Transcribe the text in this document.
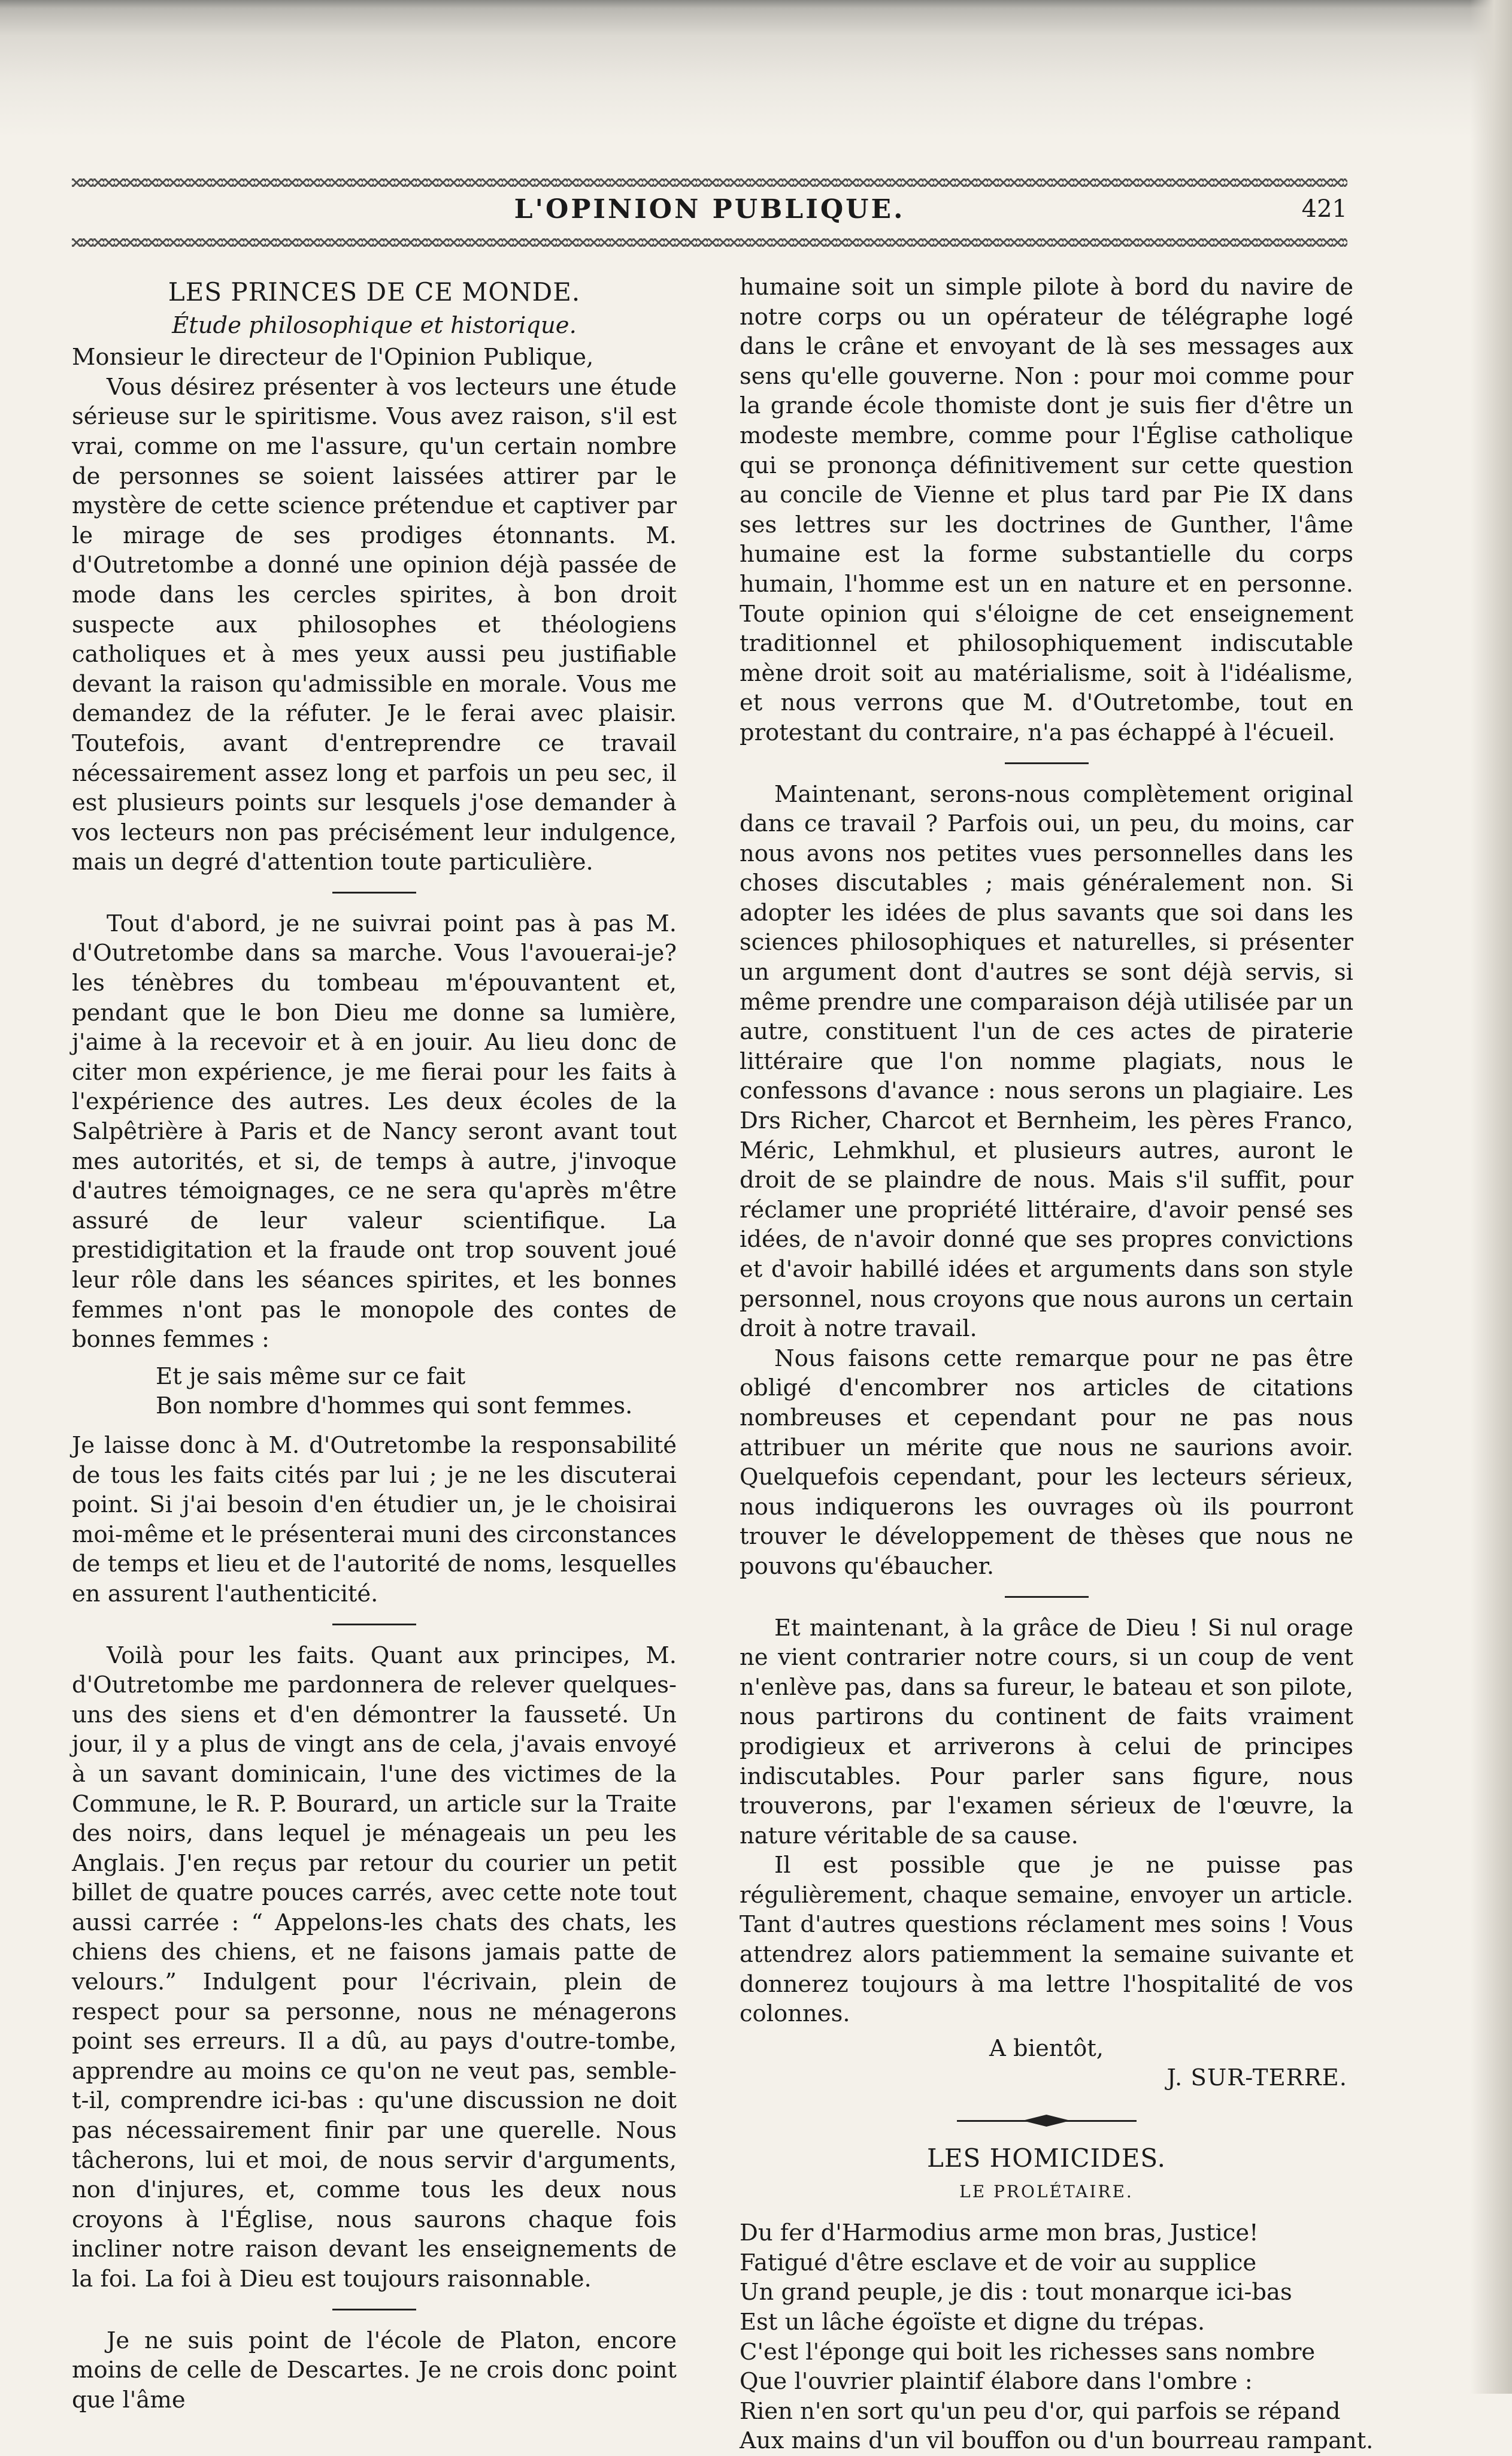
L'OPINION PUBLIQUE.	421
LES PRINCES DE CE MONDE.
Étude philosophique et historique.

Monsieur le directeur de l'Opinion Publique,

Vous désirez présenter à vos lecteurs une étude sérieuse sur le spiritisme. Vous avez raison, s'il est vrai, comme on me l'assure, qu'un certain nombre de personnes se soient laissées attirer par le mystère de cette science prétendue et captiver par le mirage de ses prodiges étonnants. M. d'Outretombe a donné une opinion déjà passée de mode dans les cercles spirites, à bon droit suspecte aux philosophes et théologiens catholiques et à mes yeux aussi peu justifiable devant la raison qu'admissible en morale. Vous me demandez de la réfuter. Je le ferai avec plaisir. Toutefois, avant d'entreprendre ce travail nécessairement assez long et parfois un peu sec, il est plusieurs points sur lesquels j'ose demander à vos lecteurs non pas précisément leur indulgence, mais un degré d'attention toute particulière.

Tout d'abord, je ne suivrai point pas à pas M. d'Outretombe dans sa marche. Vous l'avouerai-je? les ténèbres du tombeau m'épouvantent et, pendant que le bon Dieu me donne sa lumière, j'aime à la recevoir et à en jouir. Au lieu donc de citer mon expérience, je me fierai pour les faits à l'expérience des autres. Les deux écoles de la Salpêtrière à Paris et de Nancy seront avant tout mes autorités, et si, de temps à autre, j'invoque d'autres témoignages, ce ne sera qu'après m'être assuré de leur valeur scientifique. La prestidigitation et la fraude ont trop souvent joué leur rôle dans les séances spirites, et les bonnes femmes n'ont pas le monopole des contes de bonnes femmes :

Et je sais même sur ce fait
Bon nombre d'hommes qui sont femmes.

Je laisse donc à M. d'Outretombe la responsabilité de tous les faits cités par lui ; je ne les discuterai point. Si j'ai besoin d'en étudier un, je le choisirai moi-même et le présenterai muni des circonstances de temps et lieu et de l'autorité de noms, lesquelles en assurent l'authenticité.

Voilà pour les faits. Quant aux principes, M. d'Outretombe me pardonnera de relever quelques-uns des siens et d'en démontrer la fausseté. Un jour, il y a plus de vingt ans de cela, j'avais envoyé à un savant dominicain, l'une des victimes de la Commune, le R. P. Bourard, un article sur la Traite des noirs, dans lequel je ménageais un peu les Anglais. J'en reçus par retour du courier un petit billet de quatre pouces carrés, avec cette note tout aussi carrée : “ Appelons-les chats des chats, les chiens des chiens, et ne faisons jamais patte de velours.” Indulgent pour l'écrivain, plein de respect pour sa personne, nous ne ménagerons point ses erreurs. Il a dû, au pays d'outre-tombe, apprendre au moins ce qu'on ne veut pas, semble-t-il, comprendre ici-bas : qu'une discussion ne doit pas nécessairement finir par une querelle. Nous tâcherons, lui et moi, de nous servir d'arguments, non d'injures, et, comme tous les deux nous croyons à l'Église, nous saurons chaque fois incliner notre raison devant les enseignements de la foi. La foi à Dieu est toujours raisonnable.

Je ne suis point de l'école de Platon, encore moins de celle de Descartes. Je ne crois donc point que l'âme

humaine soit un simple pilote à bord du navire de notre corps ou un opérateur de télégraphe logé dans le crâne et envoyant de là ses messages aux sens qu'elle gouverne. Non : pour moi comme pour la grande école thomiste dont je suis fier d'être un modeste membre, comme pour l'Église catholique qui se prononça définitivement sur cette question au concile de Vienne et plus tard par Pie IX dans ses lettres sur les doctrines de Gunther, l'âme humaine est la forme substantielle du corps humain, l'homme est un en nature et en personne. Toute opinion qui s'éloigne de cet enseignement traditionnel et philosophiquement indiscutable mène droit soit au matérialisme, soit à l'idéalisme, et nous verrons que M. d'Outretombe, tout en protestant du contraire, n'a pas échappé à l'écueil.

Maintenant, serons-nous complètement original dans ce travail ? Parfois oui, un peu, du moins, car nous avons nos petites vues personnelles dans les choses discutables ; mais généralement non. Si adopter les idées de plus savants que soi dans les sciences philosophiques et naturelles, si présenter un argument dont d'autres se sont déjà servis, si même prendre une comparaison déjà utilisée par un autre, constituent l'un de ces actes de piraterie littéraire que l'on nomme plagiats, nous le confessons d'avance : nous serons un plagiaire. Les Drs Richer, Charcot et Bernheim, les pères Franco, Méric, Lehmkhul, et plusieurs autres, auront le droit de se plaindre de nous. Mais s'il suffit, pour réclamer une propriété littéraire, d'avoir pensé ses idées, de n'avoir donné que ses propres convictions et d'avoir habillé idées et arguments dans son style personnel, nous croyons que nous aurons un certain droit à notre travail.

Nous faisons cette remarque pour ne pas être obligé d'encombrer nos articles de citations nombreuses et cependant pour ne pas nous attribuer un mérite que nous ne saurions avoir. Quelquefois cependant, pour les lecteurs sérieux, nous indiquerons les ouvrages où ils pourront trouver le développement de thèses que nous ne pouvons qu'ébaucher.

Et maintenant, à la grâce de Dieu ! Si nul orage ne vient contrarier notre cours, si un coup de vent n'enlève pas, dans sa fureur, le bateau et son pilote, nous partirons du continent de faits vraiment prodigieux et arriverons à celui de principes indiscutables. Pour parler sans figure, nous trouverons, par l'examen sérieux de l'œuvre, la nature véritable de sa cause.

Il est possible que je ne puisse pas régulièrement, chaque semaine, envoyer un article. Tant d'autres questions réclament mes soins ! Vous attendrez alors patiemment la semaine suivante et donnerez toujours à ma lettre l'hospitalité de vos colonnes.

A bientôt,
J. SUR-TERRE.
LES HOMICIDES.
LE PROLÉTAIRE.
Du fer d'Harmodius arme mon bras, Justice!
Fatigué d'être esclave et de voir au supplice
Un grand peuple, je dis : tout monarque ici-bas
Est un lâche égoïste et digne du trépas.
C'est l'éponge qui boit les richesses sans nombre
Que l'ouvrier plaintif élabore dans l'ombre :
Rien n'en sort qu'un peu d'or, qui parfois se répand
Aux mains d'un vil bouffon ou d'un bourreau rampant.
